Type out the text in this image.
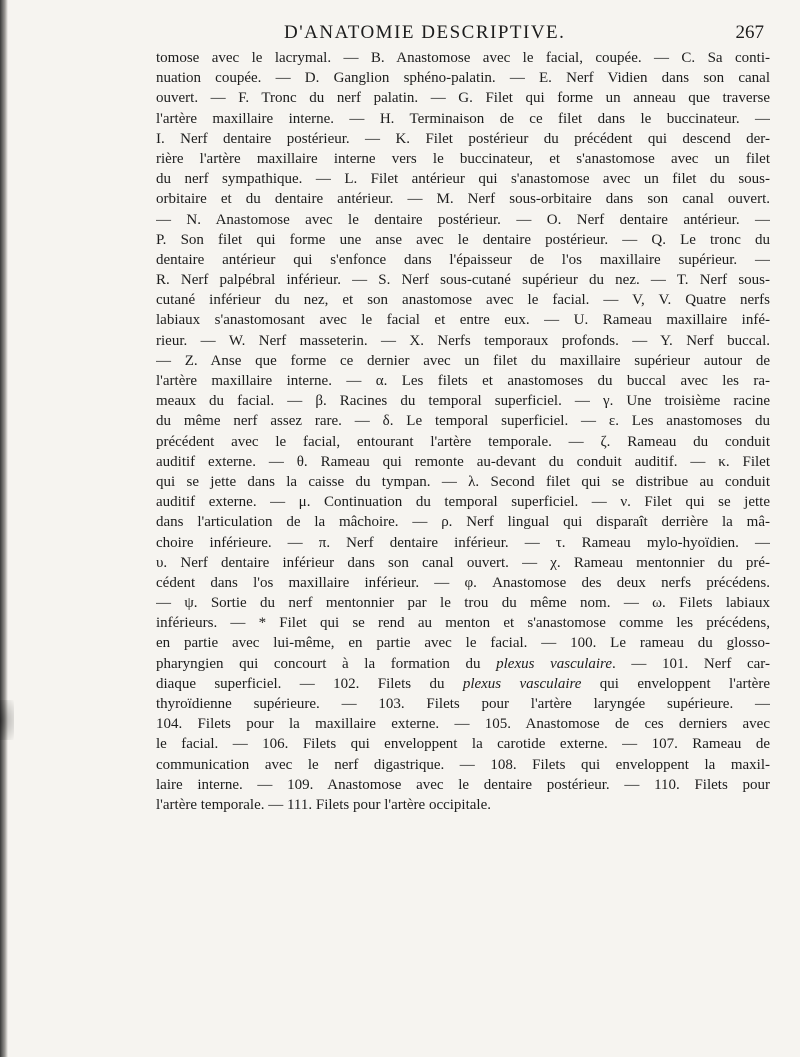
D'ANATOMIE DESCRIPTIVE.	267
tomose avec le lacrymal. — B. Anastomose avec le facial, coupée. — C. Sa conti-
nuation coupée. — D. Ganglion sphéno-palatin. — E. Nerf Vidien dans son canal
ouvert. — F. Tronc du nerf palatin. — G. Filet qui forme un anneau que traverse
l'artère maxillaire interne. — H. Terminaison de ce filet dans le buccinateur. —
I. Nerf dentaire postérieur. — K. Filet postérieur du précédent qui descend der-
rière l'artère maxillaire interne vers le buccinateur, et s'anastomose avec un filet
du nerf sympathique. — L. Filet antérieur qui s'anastomose avec un filet du sous-
orbitaire et du dentaire antérieur. — M. Nerf sous-orbitaire dans son canal ouvert.
— N. Anastomose avec le dentaire postérieur. — O. Nerf dentaire antérieur. —
P. Son filet qui forme une anse avec le dentaire postérieur. — Q. Le tronc du
dentaire antérieur qui s'enfonce dans l'épaisseur de l'os maxillaire supérieur. —
R. Nerf palpébral inférieur. — S. Nerf sous-cutané supérieur du nez. — T. Nerf sous-
cutané inférieur du nez, et son anastomose avec le facial. — V, V. Quatre nerfs
labiaux s'anastomosant avec le facial et entre eux. — U. Rameau maxillaire infé-
rieur. — W. Nerf masseterin. — X. Nerfs temporaux profonds. — Y. Nerf buccal.
— Z. Anse que forme ce dernier avec un filet du maxillaire supérieur autour de
l'artère maxillaire interne. — α. Les filets et anastomoses du buccal avec les ra-
meaux du facial. — β. Racines du temporal superficiel. — γ. Une troisième racine
du même nerf assez rare. — δ. Le temporal superficiel. — ε. Les anastomoses du
précédent avec le facial, entourant l'artère temporale. — ζ. Rameau du conduit
auditif externe. — θ. Rameau qui remonte au-devant du conduit auditif. — κ. Filet
qui se jette dans la caisse du tympan. — λ. Second filet qui se distribue au conduit
auditif externe. — μ. Continuation du temporal superficiel. — ν. Filet qui se jette
dans l'articulation de la mâchoire. — ρ. Nerf lingual qui disparaît derrière la mâ-
choire inférieure. — π. Nerf dentaire inférieur. — τ. Rameau mylo-hyoïdien. —
υ. Nerf dentaire inférieur dans son canal ouvert. — χ. Rameau mentonnier du pré-
cédent dans l'os maxillaire inférieur. — φ. Anastomose des deux nerfs précédens.
— ψ. Sortie du nerf mentonnier par le trou du même nom. — ω. Filets labiaux
inférieurs. — * Filet qui se rend au menton et s'anastomose comme les précédens,
en partie avec lui-même, en partie avec le facial. — 100. Le rameau du glosso-
pharyngien qui concourt à la formation du plexus vasculaire. — 101. Nerf car-
diaque superficiel. — 102. Filets du plexus vasculaire qui enveloppent l'artère
thyroïdienne supérieure. — 103. Filets pour l'artère laryngée supérieure. —
104. Filets pour la maxillaire externe. — 105. Anastomose de ces derniers avec
le facial. — 106. Filets qui enveloppent la carotide externe. — 107. Rameau de
communication avec le nerf digastrique. — 108. Filets qui enveloppent la maxil-
laire interne. — 109. Anastomose avec le dentaire postérieur. — 110. Filets pour
l'artère temporale. — 111. Filets pour l'artère occipitale.
